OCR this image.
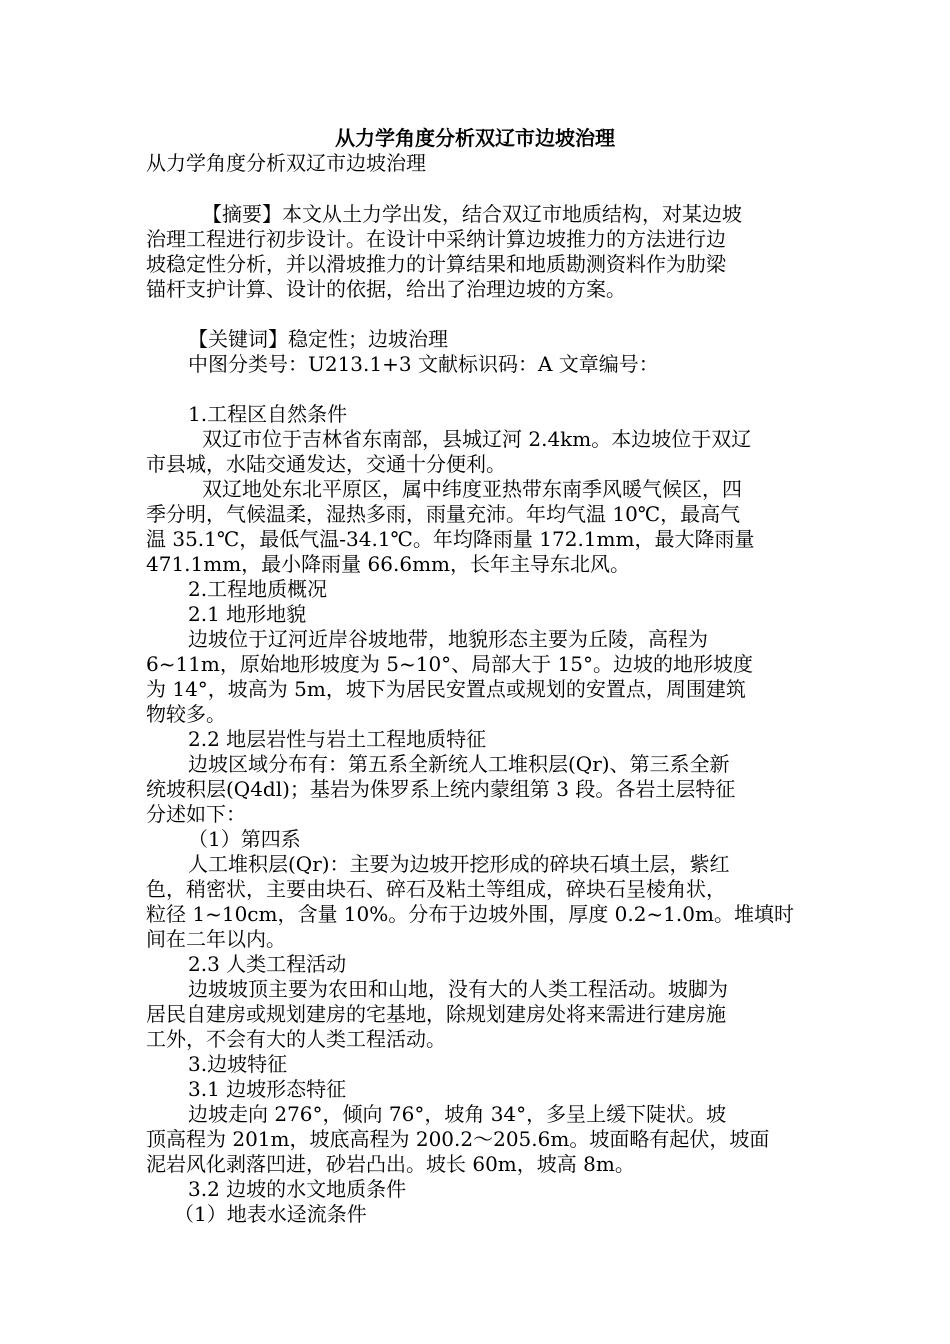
从力学角度分析双辽市边坡治理
从力学角度分析双辽市边坡治理
【摘要】本文从土力学出发，结合双辽市地质结构，对某边坡
治理工程进行初步设计。在设计中采纳计算边坡推力的方法进行边
坡稳定性分析，并以滑坡推力的计算结果和地质勘测资料作为肋梁
锚杆支护计算、设计的依据，给出了治理边坡的方案。
【关键词】稳定性；边坡治理
中图分类号：U213.1+3 文献标识码：A 文章编号：
1.工程区自然条件
双辽市位于吉林省东南部，县城辽河 2.4km。本边坡位于双辽
市县城，水陆交通发达，交通十分便利。
双辽地处东北平原区，属中纬度亚热带东南季风暖气候区，四
季分明，气候温柔，湿热多雨，雨量充沛。年均气温 10℃，最高气
温 35.1℃，最低气温-34.1℃。年均降雨量 172.1mm，最大降雨量
471.1mm，最小降雨量 66.6mm，长年主导东北风。
2.工程地质概况
2.1 地形地貌
边坡位于辽河近岸谷坡地带，地貌形态主要为丘陵，高程为
6~11m，原始地形坡度为 5~10°、局部大于 15°。边坡的地形坡度
为 14°，坡高为 5m，坡下为居民安置点或规划的安置点，周围建筑
物较多。
2.2 地层岩性与岩土工程地质特征
边坡区域分布有：第五系全新统人工堆积层(Qr)、第三系全新
统坡积层(Q4dl)；基岩为侏罗系上统内蒙组第 3 段。各岩土层特征
分述如下：
（1）第四系
人工堆积层(Qr)：主要为边坡开挖形成的碎块石填土层，紫红
色，稍密状，主要由块石、碎石及粘土等组成，碎块石呈棱角状，
粒径 1~10cm，含量 10%。分布于边坡外围，厚度 0.2~1.0m。堆填时
间在二年以内。
2.3 人类工程活动
边坡坡顶主要为农田和山地，没有大的人类工程活动。坡脚为
居民自建房或规划建房的宅基地，除规划建房处将来需进行建房施
工外，不会有大的人类工程活动。
3.边坡特征
3.1 边坡形态特征
边坡走向 276°，倾向 76°，坡角 34°，多呈上缓下陡状。坡
顶高程为 201m，坡底高程为 200.2～205.6m。坡面略有起伏，坡面
泥岩风化剥落凹进，砂岩凸出。坡长 60m，坡高 8m。
3.2 边坡的水文地质条件
（1）地表水迳流条件
